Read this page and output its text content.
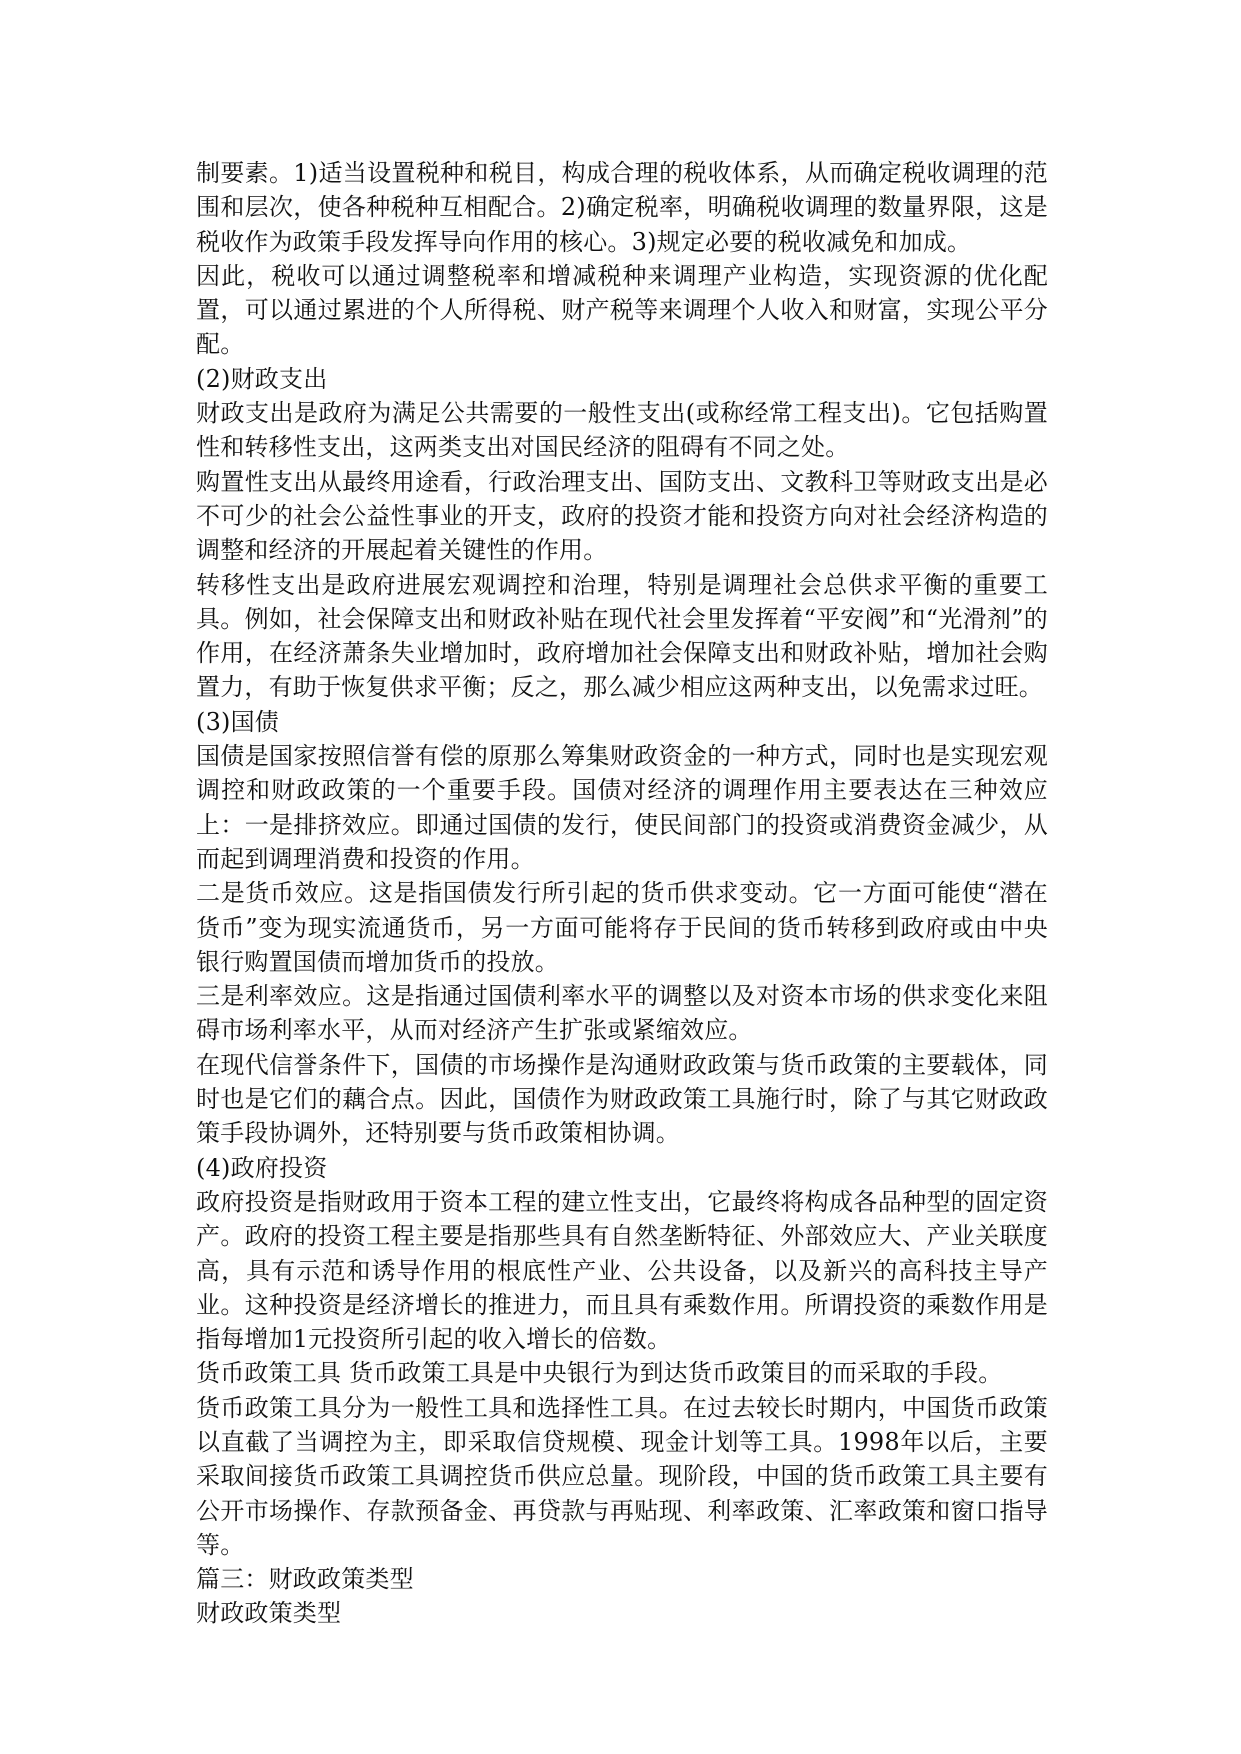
制要素。1)适当设置税种和税目，构成合理的税收体系，从而确定税收调理的范围和层次，使各种税种互相配合。2)确定税率，明确税收调理的数量界限，这是税收作为政策手段发挥导向作用的核心。3)规定必要的税收减免和加成。

因此，税收可以通过调整税率和增减税种来调理产业构造，实现资源的优化配置，可以通过累进的个人所得税、财产税等来调理个人收入和财富，实现公平分配。

(2)财政支出

财政支出是政府为满足公共需要的一般性支出(或称经常工程支出)。它包括购置性和转移性支出，这两类支出对国民经济的阻碍有不同之处。

购置性支出从最终用途看，行政治理支出、国防支出、文教科卫等财政支出是必不可少的社会公益性事业的开支，政府的投资才能和投资方向对社会经济构造的调整和经济的开展起着关键性的作用。

转移性支出是政府进展宏观调控和治理，特别是调理社会总供求平衡的重要工具。例如，社会保障支出和财政补贴在现代社会里发挥着“平安阀”和“光滑剂”的作用，在经济萧条失业增加时，政府增加社会保障支出和财政补贴，增加社会购置力，有助于恢复供求平衡；反之，那么减少相应这两种支出，以免需求过旺。

(3)国债

国债是国家按照信誉有偿的原那么筹集财政资金的一种方式，同时也是实现宏观调控和财政政策的一个重要手段。国债对经济的调理作用主要表达在三种效应上：一是排挤效应。即通过国债的发行，使民间部门的投资或消费资金减少，从而起到调理消费和投资的作用。

二是货币效应。这是指国债发行所引起的货币供求变动。它一方面可能使“潜在货币”变为现实流通货币，另一方面可能将存于民间的货币转移到政府或由中央银行购置国债而增加货币的投放。

三是利率效应。这是指通过国债利率水平的调整以及对资本市场的供求变化来阻碍市场利率水平，从而对经济产生扩张或紧缩效应。

在现代信誉条件下，国债的市场操作是沟通财政政策与货币政策的主要载体，同时也是它们的藕合点。因此，国债作为财政政策工具施行时，除了与其它财政政策手段协调外，还特别要与货币政策相协调。

(4)政府投资

政府投资是指财政用于资本工程的建立性支出，它最终将构成各品种型的固定资产。政府的投资工程主要是指那些具有自然垄断特征、外部效应大、产业关联度高，具有示范和诱导作用的根底性产业、公共设备，以及新兴的高科技主导产业。这种投资是经济增长的推进力，而且具有乘数作用。所谓投资的乘数作用是指每增加1元投资所引起的收入增长的倍数。

货币政策工具 货币政策工具是中央银行为到达货币政策目的而采取的手段。

货币政策工具分为一般性工具和选择性工具。在过去较长时期内，中国货币政策以直截了当调控为主，即采取信贷规模、现金计划等工具。1998年以后，主要采取间接货币政策工具调控货币供应总量。现阶段，中国的货币政策工具主要有公开市场操作、存款预备金、再贷款与再贴现、利率政策、汇率政策和窗口指导等。

篇三：财政政策类型

财政政策类型
